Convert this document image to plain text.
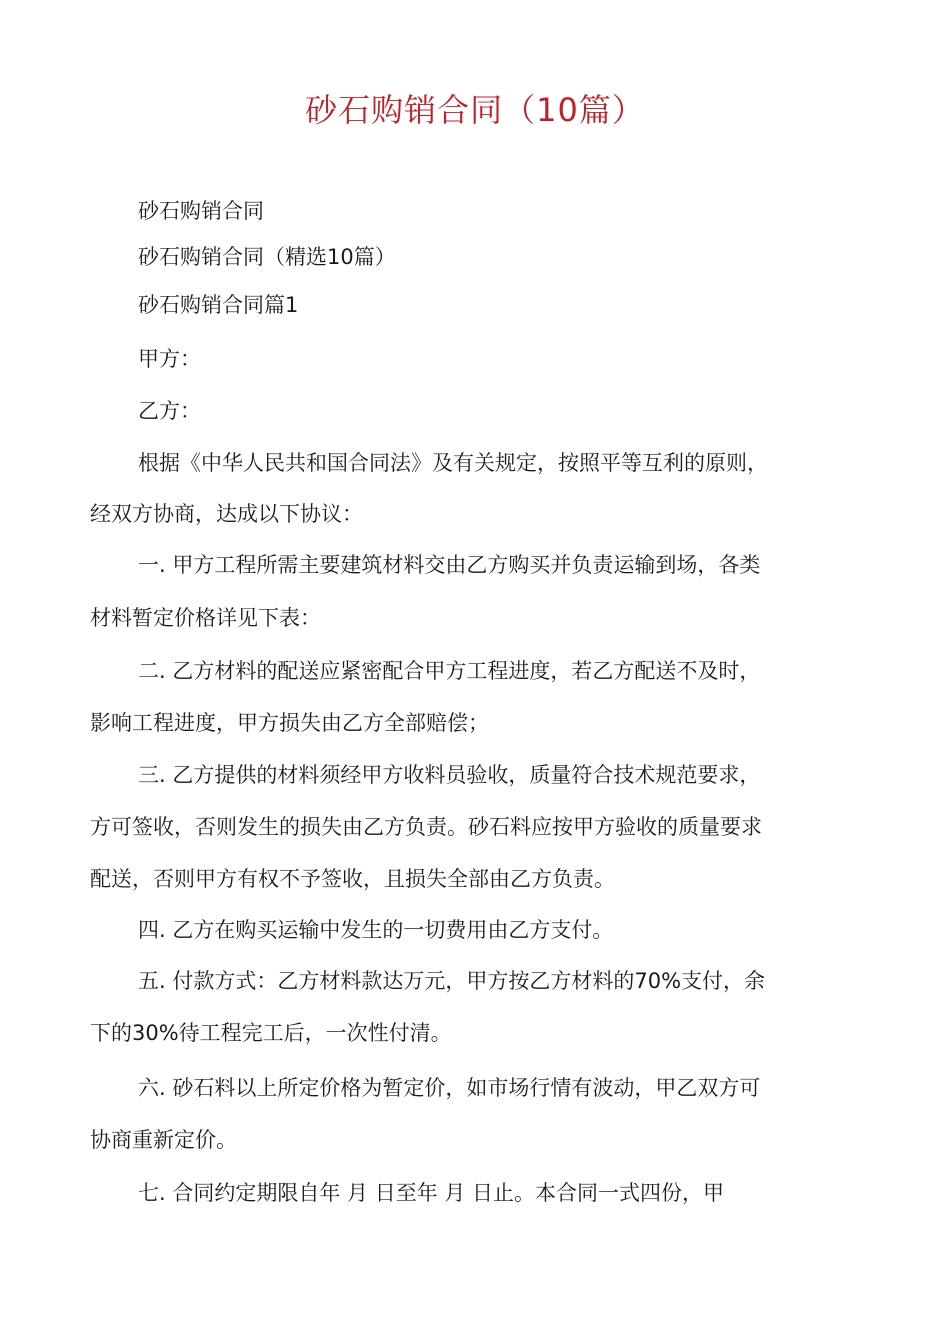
砂石购销合同（10篇）
砂石购销合同
砂石购销合同（精选10篇）
砂石购销合同篇1
甲方：
乙方：
根据《中华人民共和国合同法》及有关规定，按照平等互利的原则，
经双方协商，达成以下协议：
一. 甲方工程所需主要建筑材料交由乙方购买并负责运输到场，各类
材料暂定价格详见下表：
二. 乙方材料的配送应紧密配合甲方工程进度，若乙方配送不及时，
影响工程进度，甲方损失由乙方全部赔偿；
三. 乙方提供的材料须经甲方收料员验收，质量符合技术规范要求，
方可签收，否则发生的损失由乙方负责。砂石料应按甲方验收的质量要求
配送，否则甲方有权不予签收，且损失全部由乙方负责。
四. 乙方在购买运输中发生的一切费用由乙方支付。
五. 付款方式：乙方材料款达万元，甲方按乙方材料的70%支付，余
下的30%待工程完工后，一次性付清。
六. 砂石料以上所定价格为暂定价，如市场行情有波动，甲乙双方可
协商重新定价。
七. 合同约定期限自年 月 日至年 月 日止。本合同一式四份，甲
